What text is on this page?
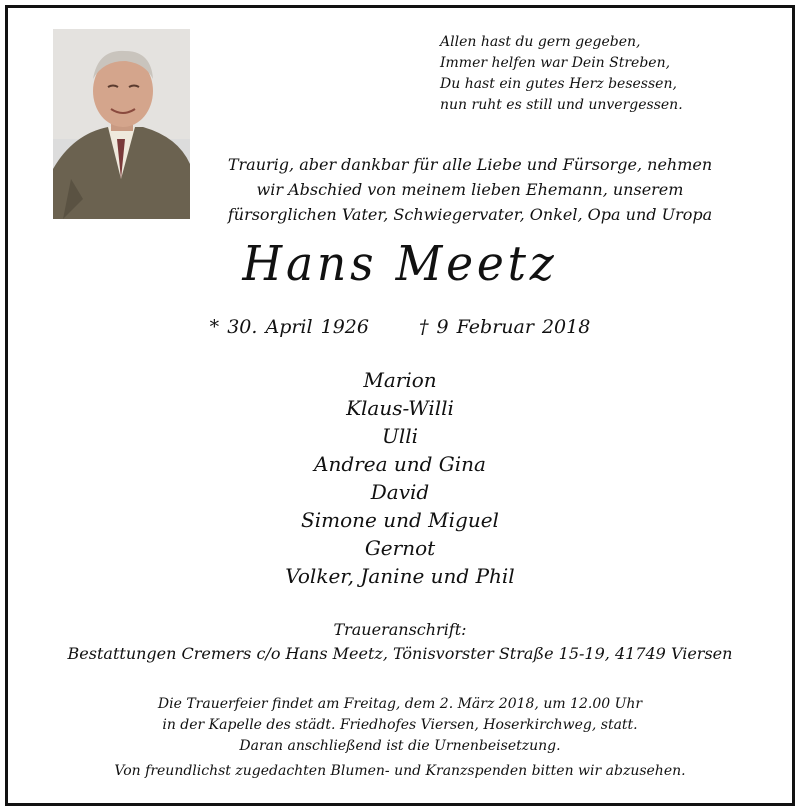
Allen hast du gern gegeben,
Immer helfen war Dein Streben,
Du hast ein gutes Herz besessen,
nun ruht es still und unvergessen.
Traurig, aber dankbar für alle Liebe und Fürsorge, nehmen
wir Abschied von meinem lieben Ehemann, unserem
fürsorglichen Vater, Schwiegervater, Onkel, Opa und Uropa
Hans Meetz
* 30. April 1926	† 9 Februar 2018
Marion
Klaus-Willi
Ulli
Andrea und Gina
David
Simone und Miguel
Gernot
Volker, Janine und Phil
Traueranschrift:
Bestattungen Cremers c/o Hans Meetz, Tönisvorster Straße 15-19, 41749 Viersen
Die Trauerfeier findet am Freitag, dem 2. März 2018, um 12.00 Uhr
in der Kapelle des städt. Friedhofes Viersen, Hoserkirchweg, statt.
Daran anschließend ist die Urnenbeisetzung.
Von freundlichst zugedachten Blumen- und Kranzspenden bitten wir abzusehen.
